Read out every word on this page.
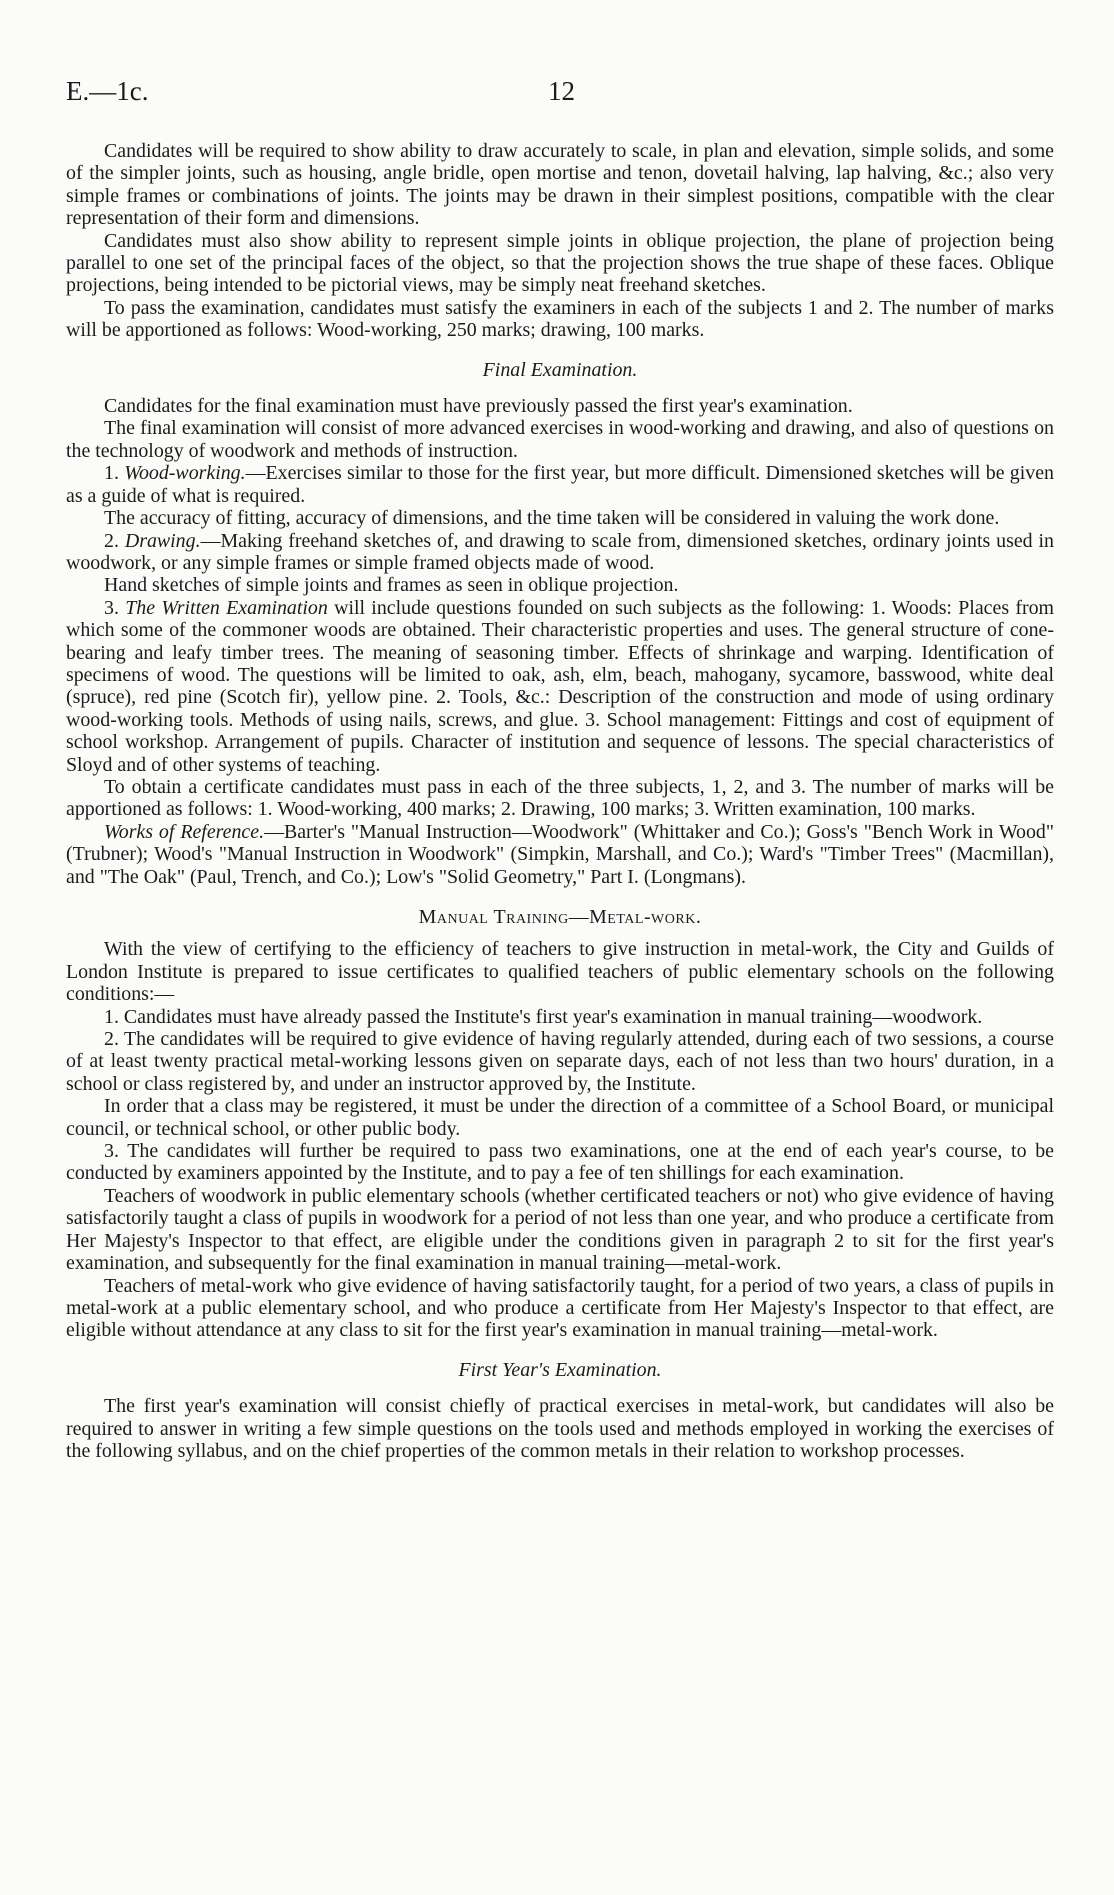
E.—1c.	12

Candidates will be required to show ability to draw accurately to scale, in plan and elevation, simple solids, and some of the simpler joints, such as housing, angle bridle, open mortise and tenon, dovetail halving, lap halving, &c.; also very simple frames or combinations of joints. The joints may be drawn in their simplest positions, compatible with the clear representation of their form and dimensions.

Candidates must also show ability to represent simple joints in oblique projection, the plane of projection being parallel to one set of the principal faces of the object, so that the projection shows the true shape of these faces. Oblique projections, being intended to be pictorial views, may be simply neat freehand sketches.

To pass the examination, candidates must satisfy the examiners in each of the subjects 1 and 2. The number of marks will be apportioned as follows: Wood-working, 250 marks; drawing, 100 marks.

Final Examination.

Candidates for the final examination must have previously passed the first year's examination.

The final examination will consist of more advanced exercises in wood-working and drawing, and also of questions on the technology of woodwork and methods of instruction.

1. Wood-working.—Exercises similar to those for the first year, but more difficult. Dimensioned sketches will be given as a guide of what is required.

The accuracy of fitting, accuracy of dimensions, and the time taken will be considered in valuing the work done.

2. Drawing.—Making freehand sketches of, and drawing to scale from, dimensioned sketches, ordinary joints used in woodwork, or any simple frames or simple framed objects made of wood.

Hand sketches of simple joints and frames as seen in oblique projection.

3. The Written Examination will include questions founded on such subjects as the following: 1. Woods: Places from which some of the commoner woods are obtained. Their characteristic properties and uses. The general structure of cone-bearing and leafy timber trees. The meaning of seasoning timber. Effects of shrinkage and warping. Identification of specimens of wood. The questions will be limited to oak, ash, elm, beach, mahogany, sycamore, basswood, white deal (spruce), red pine (Scotch fir), yellow pine. 2. Tools, &c.: Description of the construction and mode of using ordinary wood-working tools. Methods of using nails, screws, and glue. 3. School management: Fittings and cost of equipment of school workshop. Arrangement of pupils. Character of institution and sequence of lessons. The special characteristics of Sloyd and of other systems of teaching.

To obtain a certificate candidates must pass in each of the three subjects, 1, 2, and 3. The number of marks will be apportioned as follows: 1. Wood-working, 400 marks; 2. Drawing, 100 marks; 3. Written examination, 100 marks.

Works of Reference.—Barter's "Manual Instruction—Woodwork" (Whittaker and Co.); Goss's "Bench Work in Wood" (Trubner); Wood's "Manual Instruction in Woodwork" (Simpkin, Marshall, and Co.); Ward's "Timber Trees" (Macmillan), and "The Oak" (Paul, Trench, and Co.); Low's "Solid Geometry," Part I. (Longmans).

Manual Training—Metal-work.

With the view of certifying to the efficiency of teachers to give instruction in metal-work, the City and Guilds of London Institute is prepared to issue certificates to qualified teachers of public elementary schools on the following conditions:—

1. Candidates must have already passed the Institute's first year's examination in manual training—woodwork.

2. The candidates will be required to give evidence of having regularly attended, during each of two sessions, a course of at least twenty practical metal-working lessons given on separate days, each of not less than two hours' duration, in a school or class registered by, and under an instructor approved by, the Institute.

In order that a class may be registered, it must be under the direction of a committee of a School Board, or municipal council, or technical school, or other public body.

3. The candidates will further be required to pass two examinations, one at the end of each year's course, to be conducted by examiners appointed by the Institute, and to pay a fee of ten shillings for each examination.

Teachers of woodwork in public elementary schools (whether certificated teachers or not) who give evidence of having satisfactorily taught a class of pupils in woodwork for a period of not less than one year, and who produce a certificate from Her Majesty's Inspector to that effect, are eligible under the conditions given in paragraph 2 to sit for the first year's examination, and subsequently for the final examination in manual training—metal-work.

Teachers of metal-work who give evidence of having satisfactorily taught, for a period of two years, a class of pupils in metal-work at a public elementary school, and who produce a certificate from Her Majesty's Inspector to that effect, are eligible without attendance at any class to sit for the first year's examination in manual training—metal-work.

First Year's Examination.

The first year's examination will consist chiefly of practical exercises in metal-work, but candidates will also be required to answer in writing a few simple questions on the tools used and methods employed in working the exercises of the following syllabus, and on the chief properties of the common metals in their relation to workshop processes.
